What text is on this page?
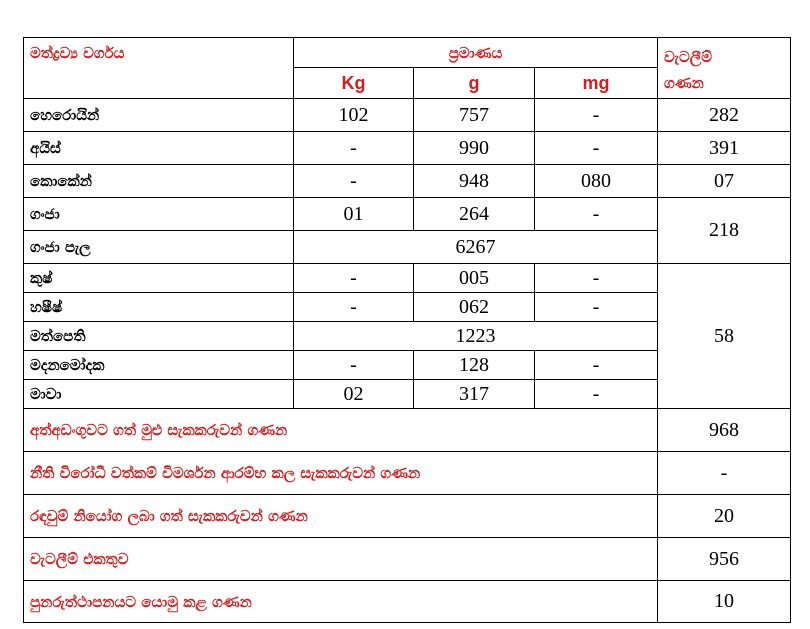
මත්ද්‍රව්‍ය වර්ගය	ප්‍රමාණය			වැටලීම්
ගණන
	Kg	g	mg	
හෙරොයින්	102	757	-	282
අයිස්	-	990	-	391
කොකේන්	-	948	080	07
ගංජා	01	264	-	218
ගංජා පැල	6267			
කුෂ්	-	005	-	58
හෂීෂ්	-	062	-	
මත්පෙති	1223			
මදනමෝදක	-	128	-	
මාවා	02	317	-	
අත්අඩංගුවට ගත් මුළු සැකකරුවන් ගණන				968
නීති විරෝධී වත්කම් විමර්ශන ආරම්භ කල සැකකරුවන් ගණන				-
රඳවුම් නියෝග ලබා ගත් සැකකරුවන් ගණන				20
වැටලීම් එකතුව				956
පුනරුත්ථාපනයට යොමු කළ ගණන				10
